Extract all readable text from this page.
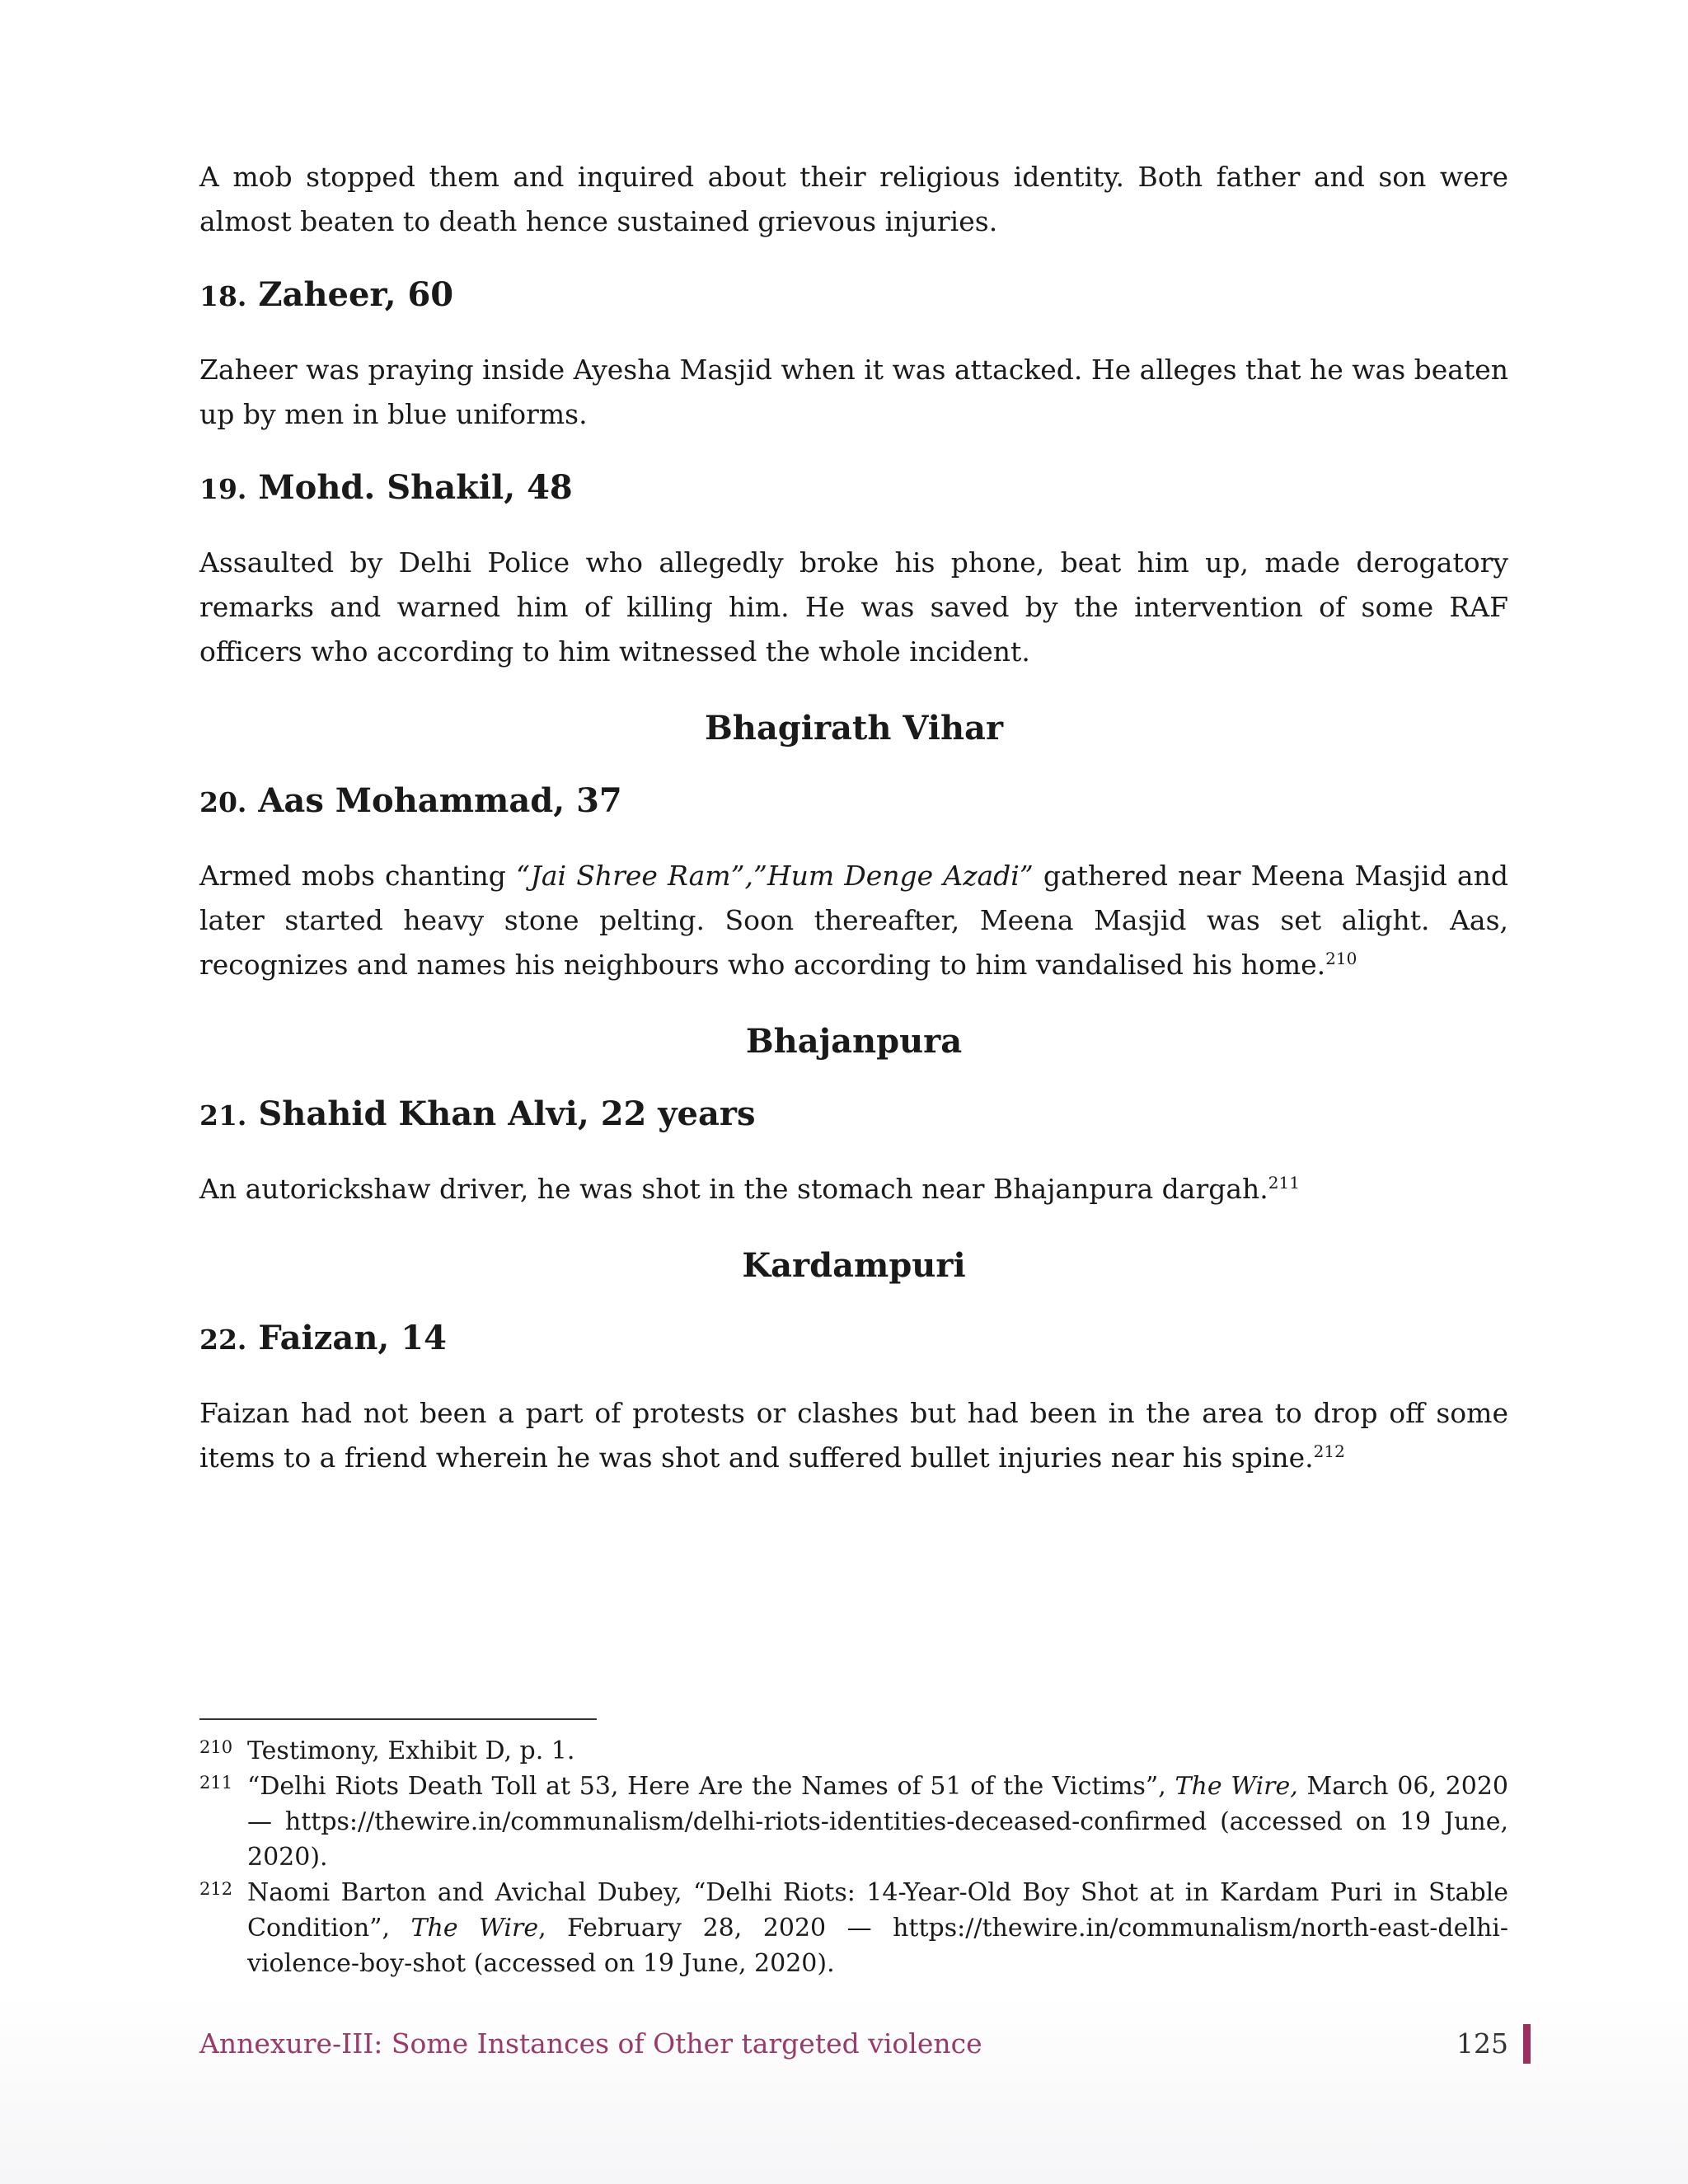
A mob stopped them and inquired about their religious identity. Both father and son were almost beaten to death hence sustained grievous injuries.

18. Zaheer, 60

Zaheer was praying inside Ayesha Masjid when it was attacked. He alleges that he was beaten up by men in blue uniforms.

19. Mohd. Shakil, 48

Assaulted by Delhi Police who allegedly broke his phone, beat him up, made derogatory remarks and warned him of killing him. He was saved by the intervention of some RAF officers who according to him witnessed the whole incident.

Bhagirath Vihar

20. Aas Mohammad, 37

Armed mobs chanting “Jai Shree Ram”,”Hum Denge Azadi” gathered near Meena Masjid and later started heavy stone pelting. Soon thereafter, Meena Masjid was set alight. Aas, recognizes and names his neighbours who according to him vandalised his home.$^{210}$

Bhajanpura

21. Shahid Khan Alvi, 22 years

An autorickshaw driver, he was shot in the stomach near Bhajanpura dargah.$^{211}$

Kardampuri

22. Faizan, 14

Faizan had not been a part of protests or clashes but had been in the area to drop off some items to a friend wherein he was shot and suffered bullet injuries near his spine.$^{212}$

210 Testimony, Exhibit D, p. 1.

211 “Delhi Riots Death Toll at 53, Here Are the Names of 51 of the Victims”, The Wire, March 06, 2020 — https://thewire.in/communalism/delhi-riots-identities-deceased-confirmed (accessed on 19 June, 2020).

212 Naomi Barton and Avichal Dubey, “Delhi Riots: 14-Year-Old Boy Shot at in Kardam Puri in Stable Condition”, The Wire, February 28, 2020 — https://thewire.in/communalism/north-east-delhi-violence-boy-shot (accessed on 19 June, 2020).

Annexure-III: Some Instances of Other targeted violence	125
